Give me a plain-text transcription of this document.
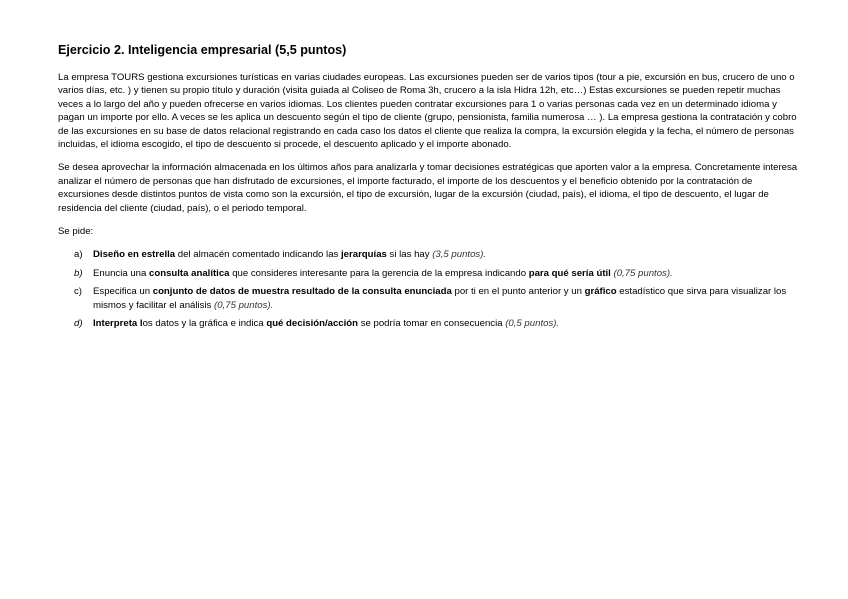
Ejercicio 2. Inteligencia empresarial (5,5 puntos)

La empresa TOURS gestiona excursiones turísticas en varias ciudades europeas. Las excursiones pueden ser de varios tipos (tour a pie, excursión en bus, crucero de uno o varios días, etc. ) y tienen su propio título y duración (visita guiada al Coliseo de Roma 3h, crucero a la isla Hidra 12h, etc…) Estas excursiones se pueden repetir muchas veces a lo largo del año y pueden ofrecerse en varios idiomas. Los clientes pueden contratar excursiones para 1 o varias personas cada vez en un determinado idioma y pagan un importe por ello. A veces se les aplica un descuento según el tipo de cliente (grupo, pensionista, familia numerosa … ). La empresa gestiona la contratación y cobro de las excursiones en su base de datos relacional registrando en cada caso los datos el cliente que realiza la compra, la excursión elegida y la fecha, el número de personas incluidas, el idioma escogido, el tipo de descuento si procede, el descuento aplicado y el importe abonado.

Se desea aprovechar la información almacenada en los últimos años para analizarla y tomar decisiones estratégicas que aporten valor a la empresa. Concretamente interesa analizar el número de personas que han disfrutado de excursiones, el importe facturado, el importe de los descuentos y el beneficio obtenido por la contratación de excursiones desde distintos puntos de vista como son la excursión, el tipo de excursión, lugar de la excursión (ciudad, país), el idioma, el tipo de descuento, el lugar de residencia del cliente (ciudad, país), o el periodo temporal.

Se pide:

a) Diseño en estrella del almacén comentado indicando las jerarquías si las hay (3,5 puntos).
b) Enuncia una consulta analítica que consideres interesante para la gerencia de la empresa indicando para qué sería útil (0,75 puntos).
c) Especifica un conjunto de datos de muestra resultado de la consulta enunciada por ti en el punto anterior y un gráfico estadístico que sirva para visualizar los mismos y facilitar el análisis (0,75 puntos).
d) Interpreta los datos y la gráfica e indica qué decisión/acción se podría tomar en consecuencia (0,5 puntos).
